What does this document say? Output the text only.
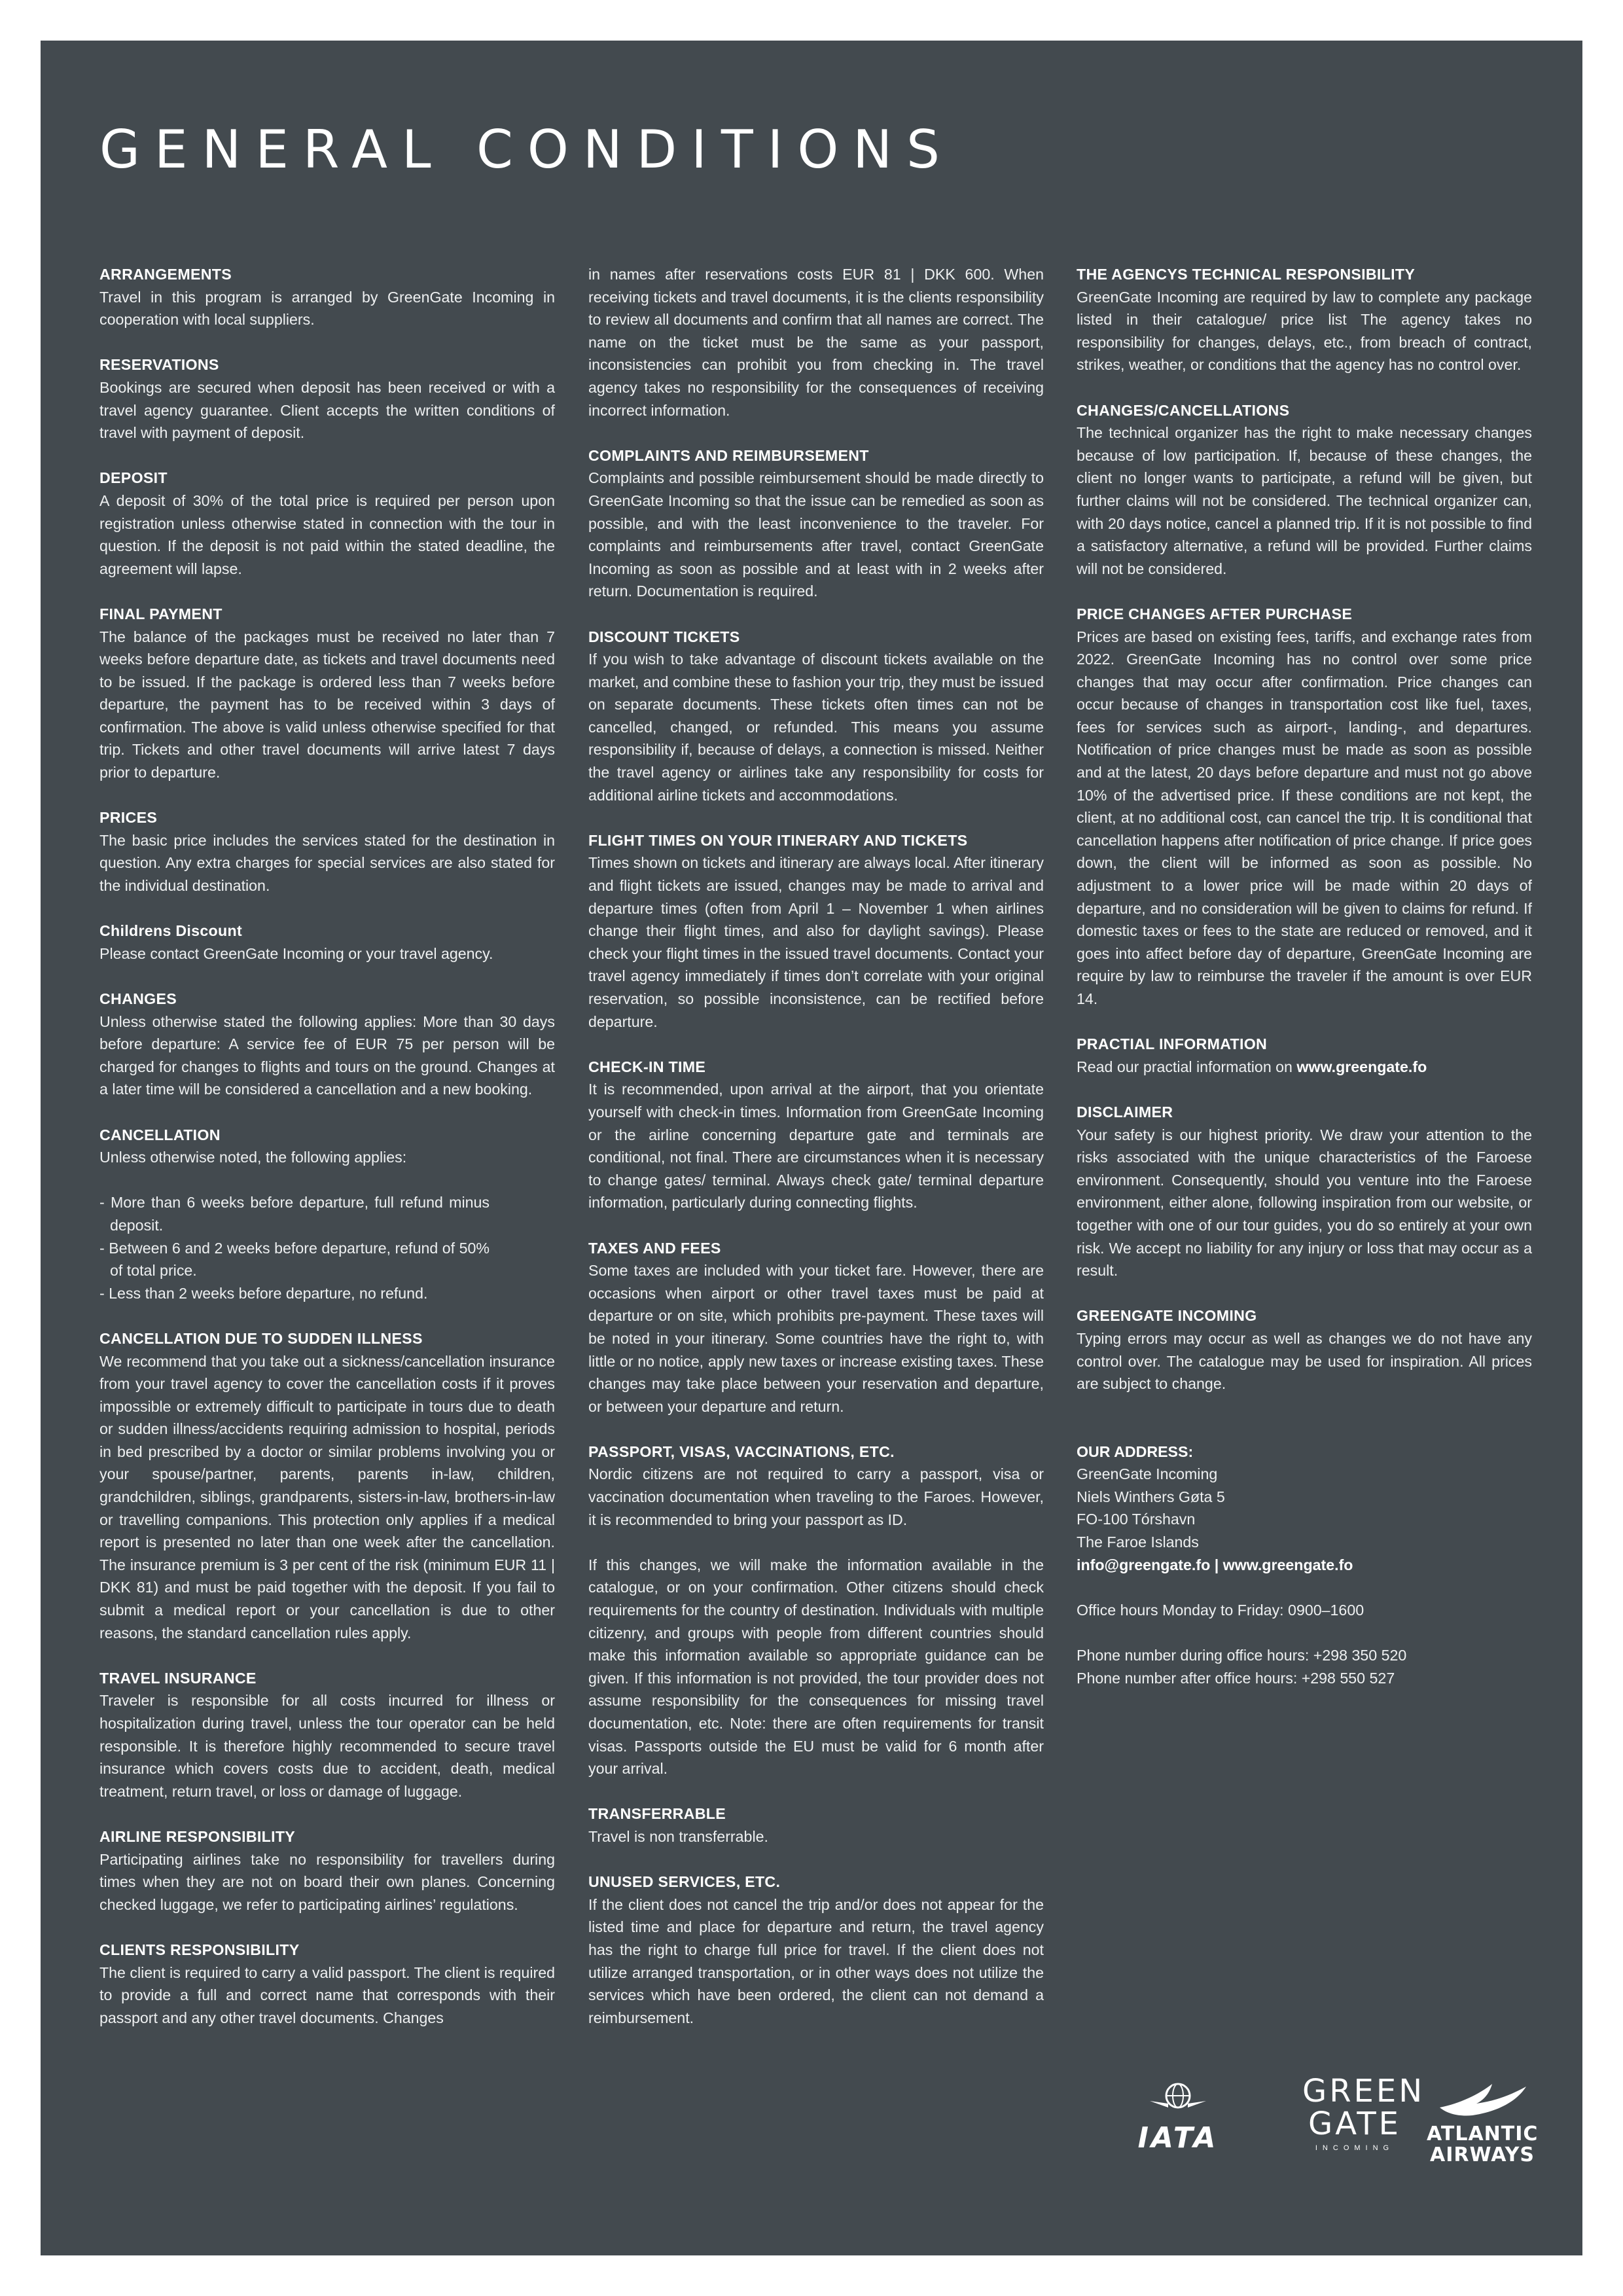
GENERAL CONDITIONS
ARRANGEMENTS

Travel in this program is arranged by GreenGate Incoming in cooperation with local suppliers.

RESERVATIONS

Bookings are secured when deposit has been received or with a travel agency guarantee. Client accepts the written conditions of travel with payment of deposit.

DEPOSIT

A deposit of 30% of the total price is required per person upon registration unless otherwise stated in connection with the tour in question. If the deposit is not paid within the stated deadline, the agreement will lapse.

FINAL PAYMENT

The balance of the packages must be received no later than 7 weeks before departure date, as tickets and travel documents need to be issued. If the package is ordered less than 7 weeks before departure, the payment has to be received within 3 days of confirmation. The above is valid unless otherwise specified for that trip. Tickets and other travel documents will arrive latest 7 days prior to departure.

PRICES

The basic price includes the services stated for the destination in question. Any extra charges for special services are also stated for the individual destination.

Childrens Discount

Please contact GreenGate Incoming or your travel agency.

CHANGES

Unless otherwise stated the following applies: More than 30 days before departure: A service fee of EUR 75 per person will be charged for changes to flights and tours on the ground. Changes at a later time will be considered a cancellation and a new booking.

CANCELLATION

Unless otherwise noted, the following applies:

- More than 6 weeks before departure, full refund minus deposit.
- Between 6 and 2 weeks before departure, refund of 50% of total price.
- Less than 2 weeks before departure, no refund.
CANCELLATION DUE TO SUDDEN ILLNESS

We recommend that you take out a sickness/cancellation insurance from your travel agency to cover the cancellation costs if it proves impossible or extremely difficult to participate in tours due to death or sudden illness/accidents requiring admission to hospital, periods in bed prescribed by a doctor or similar problems involving you or your spouse/partner, parents, parents in-law, children, grandchildren, siblings, grandparents, sisters-in-law, brothers-in-law or travelling companions. This protection only applies if a medical report is presented no later than one week after the cancellation. The insurance premium is 3 per cent of the risk (minimum EUR 11 | DKK 81) and must be paid together with the deposit. If you fail to submit a medical report or your cancellation is due to other reasons, the standard cancellation rules apply.

TRAVEL INSURANCE

Traveler is responsible for all costs incurred for illness or hospitalization during travel, unless the tour operator can be held responsible. It is therefore highly recommended to secure travel insurance which covers costs due to accident, death, medical treatment, return travel, or loss or damage of luggage.

AIRLINE RESPONSIBILITY

Participating airlines take no responsibility for travellers during times when they are not on board their own planes. Concerning checked luggage, we refer to participating airlines’ regulations.

CLIENTS RESPONSIBILITY

The client is required to carry a valid passport. The client is required to provide a full and correct name that corresponds with their passport and any other travel documents. Changes

in names after reservations costs EUR 81 | DKK 600. When receiving tickets and travel documents, it is the clients responsibility to review all documents and confirm that all names are correct. The name on the ticket must be the same as your passport, inconsistencies can prohibit you from checking in. The travel agency takes no responsibility for the consequences of receiving incorrect information.

COMPLAINTS AND REIMBURSEMENT

Complaints and possible reimbursement should be made directly to GreenGate Incoming so that the issue can be remedied as soon as possible, and with the least inconvenience to the traveler. For complaints and reimbursements after travel, contact GreenGate Incoming as soon as possible and at least with in 2 weeks after return. Documentation is required.

DISCOUNT TICKETS

If you wish to take advantage of discount tickets available on the market, and combine these to fashion your trip, they must be issued on separate documents. These tickets often times can not be cancelled, changed, or refunded. This means you assume responsibility if, because of delays, a connection is missed. Neither the travel agency or airlines take any responsibility for costs for additional airline tickets and accommodations.

FLIGHT TIMES ON YOUR ITINERARY AND TICKETS

Times shown on tickets and itinerary are always local. After itinerary and flight tickets are issued, changes may be made to arrival and departure times (often from April 1 – November 1 when airlines change their flight times, and also for daylight savings). Please check your flight times in the issued travel documents. Contact your travel agency immediately if times don’t correlate with your original reservation, so possible inconsistence, can be rectified before departure.

CHECK-IN TIME

It is recommended, upon arrival at the airport, that you orientate yourself with check-in times. Information from GreenGate Incoming or the airline concerning departure gate and terminals are conditional, not final. There are circumstances when it is necessary to change gates/ terminal. Always check gate/ terminal departure information, particularly during connecting flights.

TAXES AND FEES

Some taxes are included with your ticket fare. However, there are occasions when airport or other travel taxes must be paid at departure or on site, which prohibits pre-payment. These taxes will be noted in your itinerary. Some countries have the right to, with little or no notice, apply new taxes or increase existing taxes. These changes may take place between your reservation and departure, or between your departure and return.

PASSPORT, VISAS, VACCINATIONS, ETC.

Nordic citizens are not required to carry a passport, visa or vaccination documentation when traveling to the Faroes. However, it is recommended to bring your passport as ID.

If this changes, we will make the information available in the catalogue, or on your confirmation. Other citizens should check requirements for the country of destination. Individuals with multiple citizenry, and groups with people from different countries should make this information available so appropriate guidance can be given. If this information is not provided, the tour provider does not assume responsibility for the consequences for missing travel documentation, etc. Note: there are often requirements for transit visas. Passports outside the EU must be valid for 6 month after your arrival.

TRANSFERRABLE

Travel is non transferrable.

UNUSED SERVICES, ETC.

If the client does not cancel the trip and/or does not appear for the listed time and place for departure and return, the travel agency has the right to charge full price for travel. If the client does not utilize arranged transportation, or in other ways does not utilize the services which have been ordered, the client can not demand a reimbursement.

THE AGENCYS TECHNICAL RESPONSIBILITY

GreenGate Incoming are required by law to complete any package listed in their catalogue/ price list The agency takes no responsibility for changes, delays, etc., from breach of contract, strikes, weather, or conditions that the agency has no control over.

CHANGES/CANCELLATIONS

The technical organizer has the right to make necessary changes because of low participation. If, because of these changes, the client no longer wants to participate, a refund will be given, but further claims will not be considered. The technical organizer can, with 20 days notice, cancel a planned trip. If it is not possible to find a satisfactory alternative, a refund will be provided. Further claims will not be considered.

PRICE CHANGES AFTER PURCHASE

Prices are based on existing fees, tariffs, and exchange rates from 2022. GreenGate Incoming has no control over some price changes that may occur after confirmation. Price changes can occur because of changes in transportation cost like fuel, taxes, fees for services such as airport-, landing-, and departures. Notification of price changes must be made as soon as possible and at the latest, 20 days before departure and must not go above 10% of the advertised price. If these conditions are not kept, the client, at no additional cost, can cancel the trip. It is conditional that cancellation happens after notification of price change. If price goes down, the client will be informed as soon as possible. No adjustment to a lower price will be made within 20 days of departure, and no consideration will be given to claims for refund. If domestic taxes or fees to the state are reduced or removed, and it goes into affect before day of departure, GreenGate Incoming are require by law to reimburse the traveler if the amount is over EUR 14.

PRACTIAL INFORMATION

Read our practial information on www.greengate.fo

DISCLAIMER

Your safety is our highest priority. We draw your attention to the risks associated with the unique characteristics of the Faroese environment. Consequently, should you venture into the Faroese environment, either alone, following inspiration from our website, or together with one of our tour guides, you do so entirely at your own risk. We accept no liability for any injury or loss that may occur as a result.

GREENGATE INCOMING

Typing errors may occur as well as changes we do not have any control over. The catalogue may be used for inspiration. All prices are subject to change.

OUR ADDRESS:
GreenGate Incoming
Niels Winthers Gøta 5
FO-100 Tórshavn
The Faroe Islands
info@greengate.fo | www.greengate.fo
Office hours Monday to Friday: 0900–1600
Phone number during office hours: +298 350 520
Phone number after office hours: +298 550 527
IATA
GREEN
GATE
INCOMING
ATLANTIC
AIRWAYS
